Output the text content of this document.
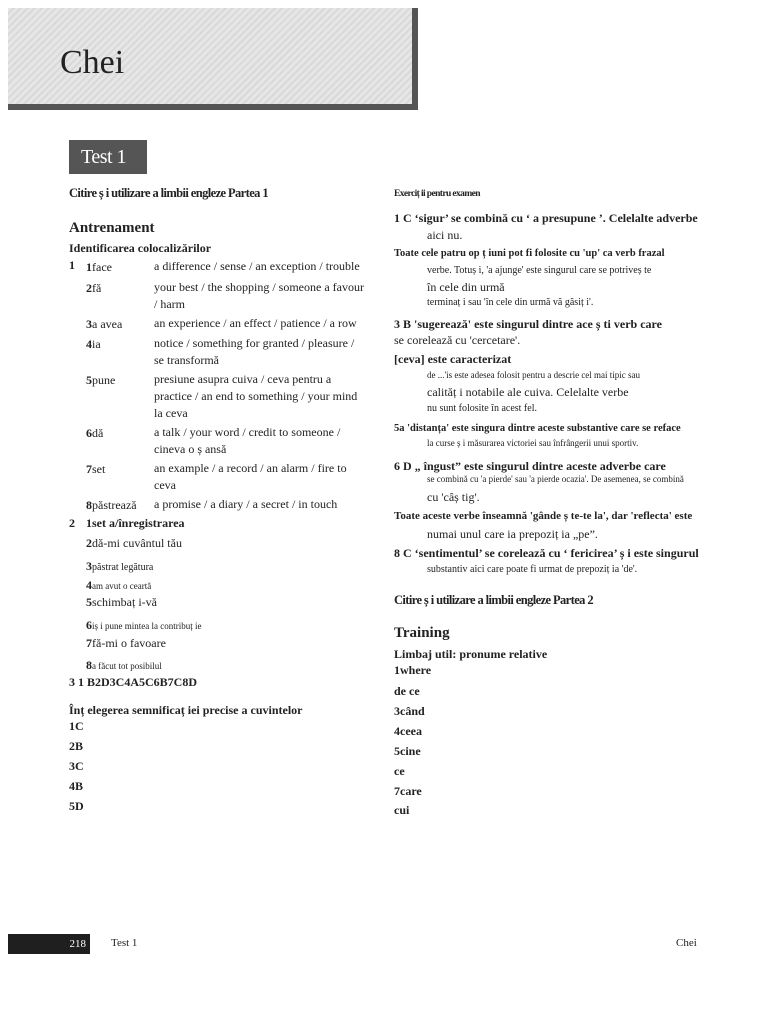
Chei
Test 1
Citire ș i utilizare a limbii engleze Partea 1
Antrenament
Identificarea colocalizărilor
1 1face	a difference / sense / an exception / trouble
2fă	your best / the shopping / someone a favour / harm
3a avea	an experience / an effect / patience / a row
4ia	notice / something for granted / pleasure / se transformă
5pune	presiune asupra cuiva / ceva pentru a practice / an end to something / your mind la ceva
6dă	a talk / your word / credit to someone / cineva o ș ansă
7set	an example / a record / an alarm / fire to ceva
8păstrează a promise / a diary / a secret / in touch
2 1set a/înregistrarea
2dă-mi cuvântul tău
3păstrat legătura
4am avut o ceartă
5schimbaț i-vă
6iș i pune mintea la contribuț ie
7fă-mi o favoare
8a făcut tot posibilul
3 1 B2D3C4A5C6B7C8D
Înț elegerea semnificaț iei precise a cuvintelor
1C
2B
3C
4B
5D
Exerciț ii pentru examen
1 C ‘sigur’ se combină cu ‘ a presupune ’. Celelalte adverbe
aici nu.
Toate cele patru op ț iuni pot fi folosite cu 'up' ca verb frazal
verbe. Totuș i, 'a ajunge' este singurul care se potriveș te
în cele din urmă
terminaț i sau 'în cele din urmă vă găsiț i'.
3 B 'sugerează' este singurul dintre ace ș ti verb care
se corelează cu 'cercetare'.
[ceva] este caracterizat
de ...'is este adesea folosit pentru a descrie cel mai tipic sau
calităț i notabile ale cuiva. Celelalte verbe
nu sunt folosite în acest fel.
5a 'distanța' este singura dintre aceste substantive care se reface
la curse ș i măsurarea victoriei sau înfrângerii unui sportiv.
6 D „ îngust” este singurul dintre aceste adverbe care
se combină cu 'a pierde' sau 'a pierde ocazia'. De asemenea, se combină
cu 'câș tig'.
Toate aceste verbe înseamnă 'gânde ș te-te la', dar 'reflecta' este
numai unul care ia prepoziț ia „pe”.
8 C ‘sentimentul’ se corelează cu ‘ fericirea’ ș i este singurul
substantiv aici care poate fi urmat de prepoziț ia 'de'.
Citire ș i utilizare a limbii engleze Partea 2
Training
Limbaj util: pronume relative
1where
de ce
3când
4ceea
5cine
ce
7care
cui
218	Test 1	Chei
